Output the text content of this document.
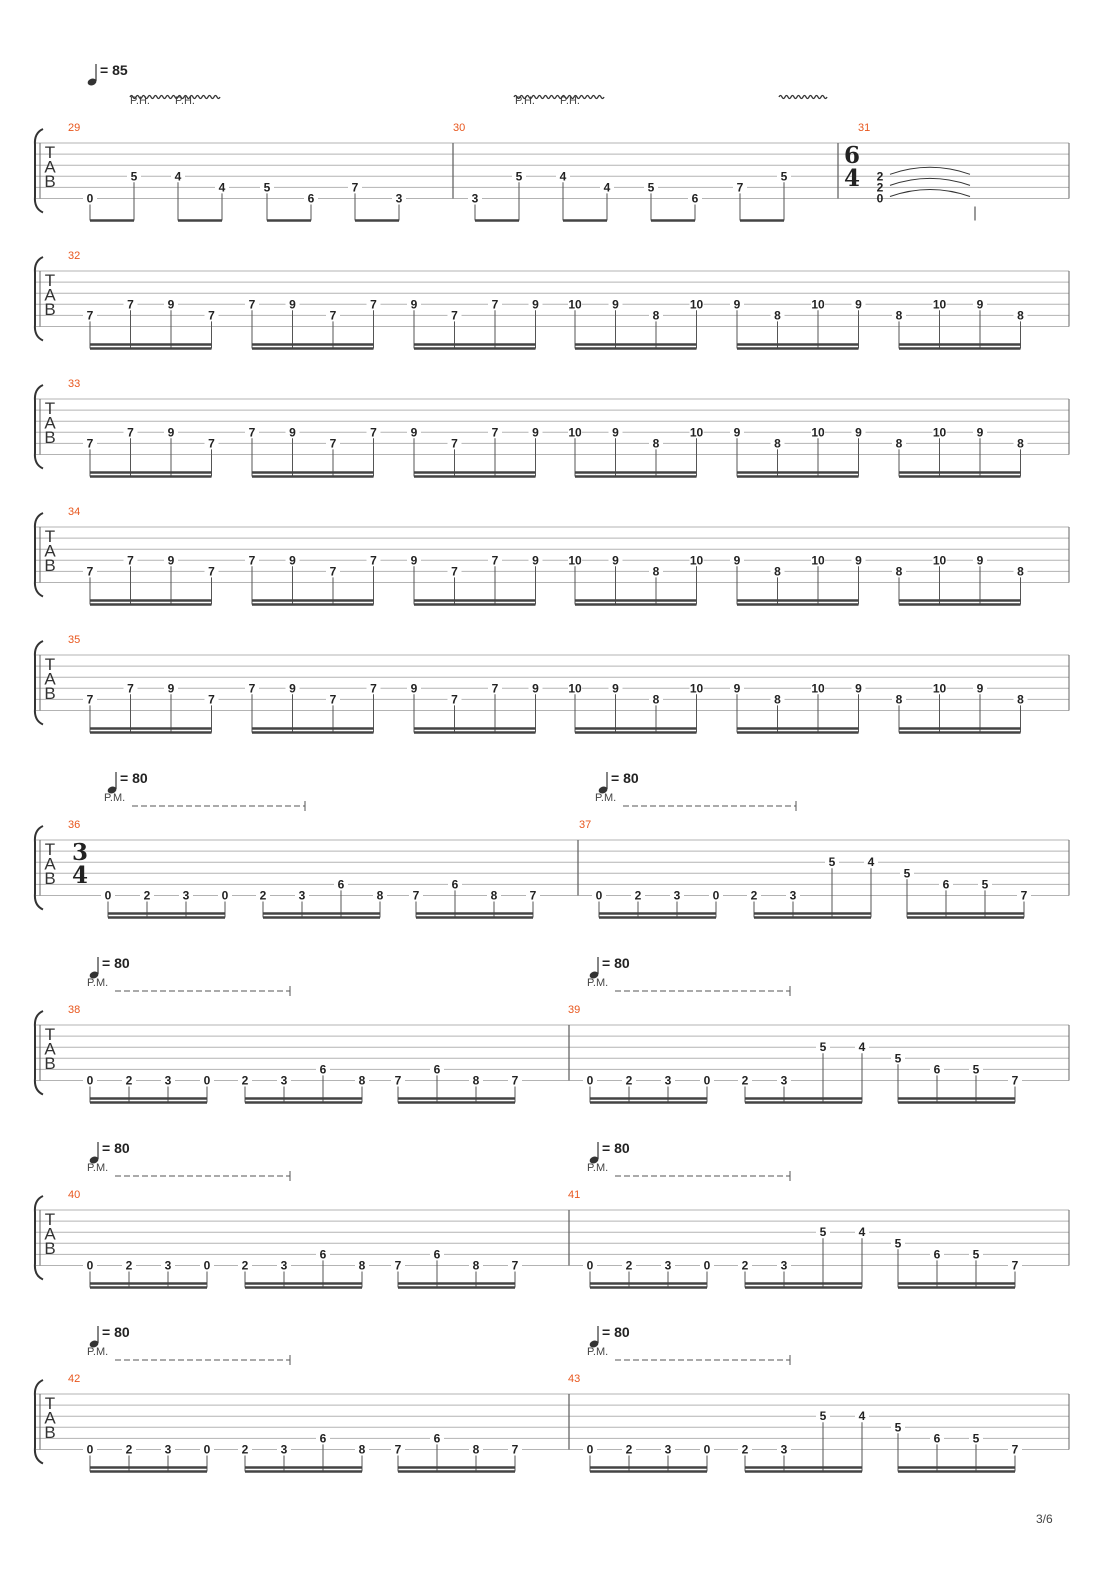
T
A
B
29
0
5	4
4	5
6
7
3
30
3
5	4
4	5
6
7
5
31
6
4 2
2
0
T
A
B
32
7
7	9
7
7	9
7
7	9
7
7	9 10	9
8
10	9
8
10	9
8
10	9
8
T
A
B
33
7
7	9
7
7	9
7
7	9
7
7	9 10	9
8
10	9
8
10	9
8
10	9
8
T
A
B
34
7
7	9
7
7	9
7
7	9
7
7	9 10	9
8
10	9
8
10	9
8
10	9
8
T
A
B
35
7
7	9
7
7	9
7
7	9
7
7	9 10	9
8
10	9
8
10	9
8
10	9
8
T
A
B
36
3
4
0	2	3	0	2	3
6
8 7
6
8	7
37
0	2	3	0	2	3
5	4
5
6	5
7
T
A
B
38
0	2	3	0	2	3
6
8 7
6
8	7
39
0	2	3	0	2	3
5	4
5
6	5
7
T
A
B
40
0	2	3	0	2	3
6
8 7
6
8	7
41
0	2	3	0	2	3
5	4
5
6	5
7
T
A
B
42
0	2	3	0	2	3
6
8 7
6
8	7
43
0	2	3	0	2	3
5	4
5
6	5
7
= 85
= 80	= 80
= 80	= 80
= 80	= 80
= 80	= 80
P.H. P.H.	P.H. P.H.
P.M.	P.M.
P.M.	P.M.
P.M.	P.M.
P.M.	P.M.
3/6
